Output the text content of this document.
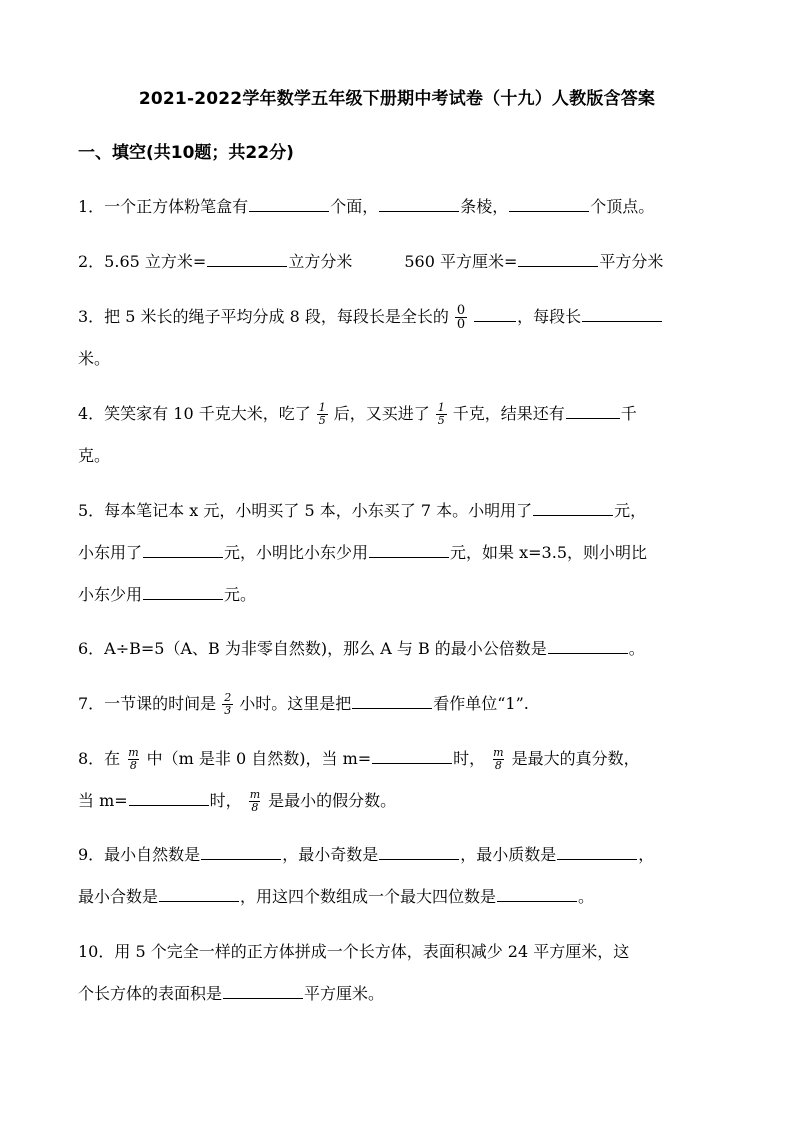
2021-2022学年数学五年级下册期中考试卷（十九）人教版含答案
一、填空(共10题；共22分)
1．一个正方体粉笔盒有	个面，	条棱，	个顶点。
2．5.65 立方米=	立方分米	560 平方厘米=	平方分米
3．把 5 米长的绳子平均分成 8 段，每段长是全长的 $\frac{0}{0}$	，每段长
米。
4．笑笑家有 10 千克大米，吃了 $\frac{1}{5}$ 后，又买进了 $\frac{1}{5}$ 千克，结果还有	千
克。
5．每本笔记本 x 元，小明买了 5 本，小东买了 7 本。小明用了	元，
小东用了	元，小明比小东少用	元，如果 x=3.5，则小明比
小东少用	元。
6．A÷B=5（A、B 为非零自然数)，那么 A 与 B 的最小公倍数是	。
7．一节课的时间是 $\frac{2}{3}$ 小时。这里是把	看作单位“1”.
8．在 $\frac{m}{8}$ 中（m 是非 0 自然数)，当 m=	时， $\frac{m}{8}$ 是最大的真分数，
当 m=	时， $\frac{m}{8}$ 是最小的假分数。
9．最小自然数是	，最小奇数是	，最小质数是	，
最小合数是	，用这四个数组成一个最大四位数是	。
10．用 5 个完全一样的正方体拼成一个长方体，表面积减少 24 平方厘米，这
个长方体的表面积是	平方厘米。
